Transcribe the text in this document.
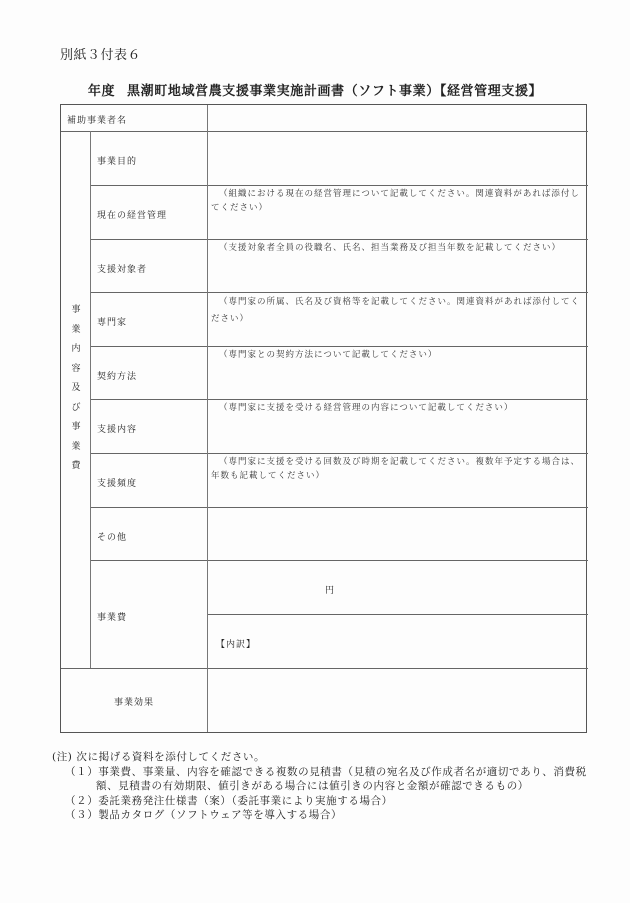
別紙３付表６
年度 黒潮町地域営農支援事業実施計画書（ソフト事業）【経営管理支援】
補助事業者名
事
業
内
容
及
び
事
業
費
事業目的
現在の経営管理
支援対象者
専門家
契約方法
支援内容
支援頻度
その他
事業費
事業効果
（組織における現在の経営管理について記載してください。関連資料があれば添付してください）
（支援対象者全員の役職名、氏名、担当業務及び担当年数を記載してください）
（専門家の所属、氏名及び資格等を記載してください。関連資料があれば添付してください）
（専門家との契約方法について記載してください）
（専門家に支援を受ける経営管理の内容について記載してください）
（専門家に支援を受ける回数及び時期を記載してください。複数年予定する場合は、年数も記載してください）
円
【内訳】
(注) 次に掲げる資料を添付してください。
（１）事業費、事業量、内容を確認できる複数の見積書（見積の宛名及び作成者名が適切であり、消費税
額、見積書の有効期限、値引きがある場合には値引きの内容と金額が確認できるもの）
（２）委託業務発注仕様書（案）（委託事業により実施する場合）
（３）製品カタログ（ソフトウェア等を導入する場合）
